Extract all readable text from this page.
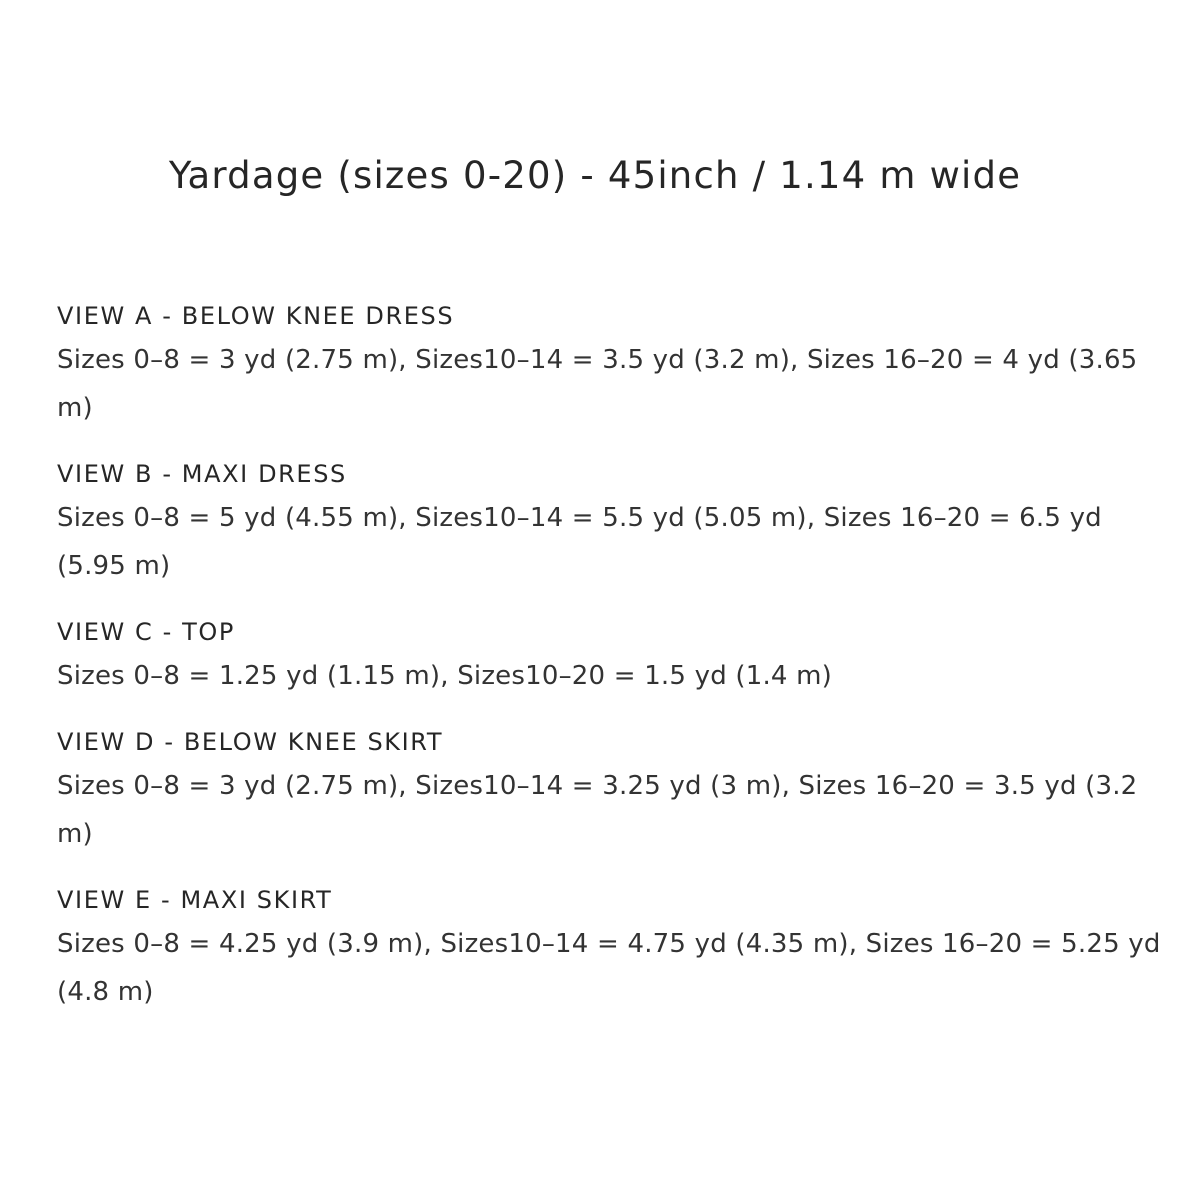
Yardage (sizes 0-20) - 45inch / 1.14 m wide

VIEW A - BELOW KNEE DRESS

Sizes 0–8 = 3 yd (2.75 m), Sizes10–14 = 3.5 yd (3.2 m), Sizes 16–20 = 4 yd (3.65 m)

VIEW B - MAXI DRESS

Sizes 0–8 = 5 yd (4.55 m), Sizes10–14 = 5.5 yd (5.05 m), Sizes 16–20 = 6.5 yd (5.95 m)

VIEW C - TOP

Sizes 0–8 = 1.25 yd (1.15 m), Sizes10–20 = 1.5 yd (1.4 m)

VIEW D - BELOW KNEE SKIRT

Sizes 0–8 = 3 yd (2.75 m), Sizes10–14 = 3.25 yd (3 m), Sizes 16–20 = 3.5 yd (3.2 m)

VIEW E - MAXI SKIRT

Sizes 0–8 = 4.25 yd (3.9 m), Sizes10–14 = 4.75 yd (4.35 m), Sizes 16–20 = 5.25 yd (4.8 m)
